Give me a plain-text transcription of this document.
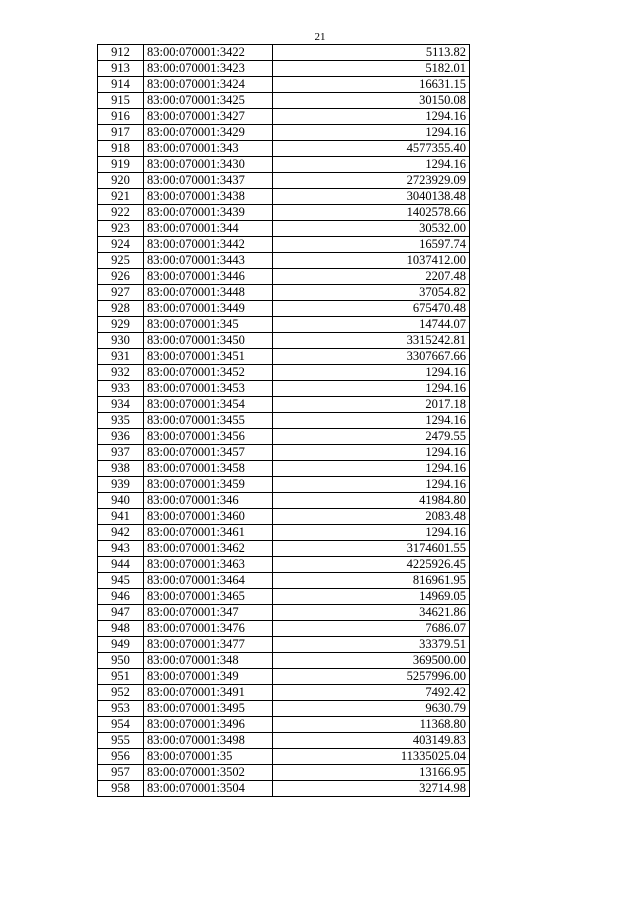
21
912	83:00:070001:3422	5113.82
913	83:00:070001:3423	5182.01
914	83:00:070001:3424	16631.15
915	83:00:070001:3425	30150.08
916	83:00:070001:3427	1294.16
917	83:00:070001:3429	1294.16
918	83:00:070001:343	4577355.40
919	83:00:070001:3430	1294.16
920	83:00:070001:3437	2723929.09
921	83:00:070001:3438	3040138.48
922	83:00:070001:3439	1402578.66
923	83:00:070001:344	30532.00
924	83:00:070001:3442	16597.74
925	83:00:070001:3443	1037412.00
926	83:00:070001:3446	2207.48
927	83:00:070001:3448	37054.82
928	83:00:070001:3449	675470.48
929	83:00:070001:345	14744.07
930	83:00:070001:3450	3315242.81
931	83:00:070001:3451	3307667.66
932	83:00:070001:3452	1294.16
933	83:00:070001:3453	1294.16
934	83:00:070001:3454	2017.18
935	83:00:070001:3455	1294.16
936	83:00:070001:3456	2479.55
937	83:00:070001:3457	1294.16
938	83:00:070001:3458	1294.16
939	83:00:070001:3459	1294.16
940	83:00:070001:346	41984.80
941	83:00:070001:3460	2083.48
942	83:00:070001:3461	1294.16
943	83:00:070001:3462	3174601.55
944	83:00:070001:3463	4225926.45
945	83:00:070001:3464	816961.95
946	83:00:070001:3465	14969.05
947	83:00:070001:347	34621.86
948	83:00:070001:3476	7686.07
949	83:00:070001:3477	33379.51
950	83:00:070001:348	369500.00
951	83:00:070001:349	5257996.00
952	83:00:070001:3491	7492.42
953	83:00:070001:3495	9630.79
954	83:00:070001:3496	11368.80
955	83:00:070001:3498	403149.83
956	83:00:070001:35	11335025.04
957	83:00:070001:3502	13166.95
958	83:00:070001:3504	32714.98
